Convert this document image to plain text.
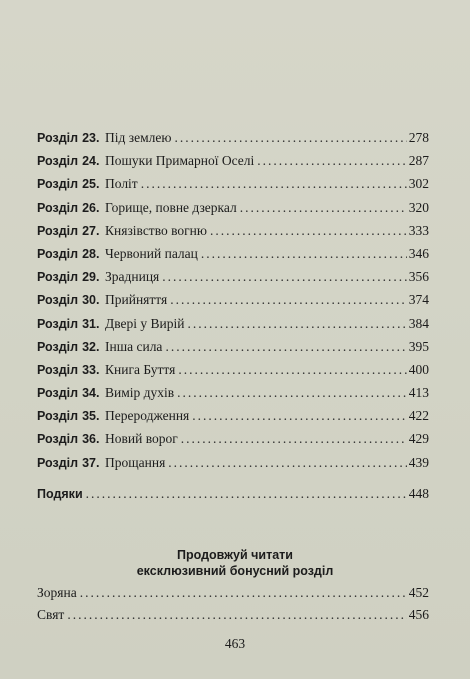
Розділ 23. Під землею .....	278
Розділ 24. Пошуки Примарної Оселі .....	287
Розділ 25. Політ .....	302
Розділ 26. Горище, повне дзеркал .....	320
Розділ 27. Князівство вогню .....	333
Розділ 28. Червоний палац .....	346
Розділ 29. Зрадниця .....	356
Розділ 30. Прийняття .....	374
Розділ 31. Двері у Вирій .....	384
Розділ 32. Інша сила .....	395
Розділ 33. Книга Буття .....	400
Розділ 34. Вимір духів .....	413
Розділ 35. Переродження .....	422
Розділ 36. Новий ворог .....	429
Розділ 37. Прощання .....	439
Подяки .....	448
Продовжуй читати
ексклюзивний бонусний розділ
Зоряна .....	452
Свят .....	456
463
